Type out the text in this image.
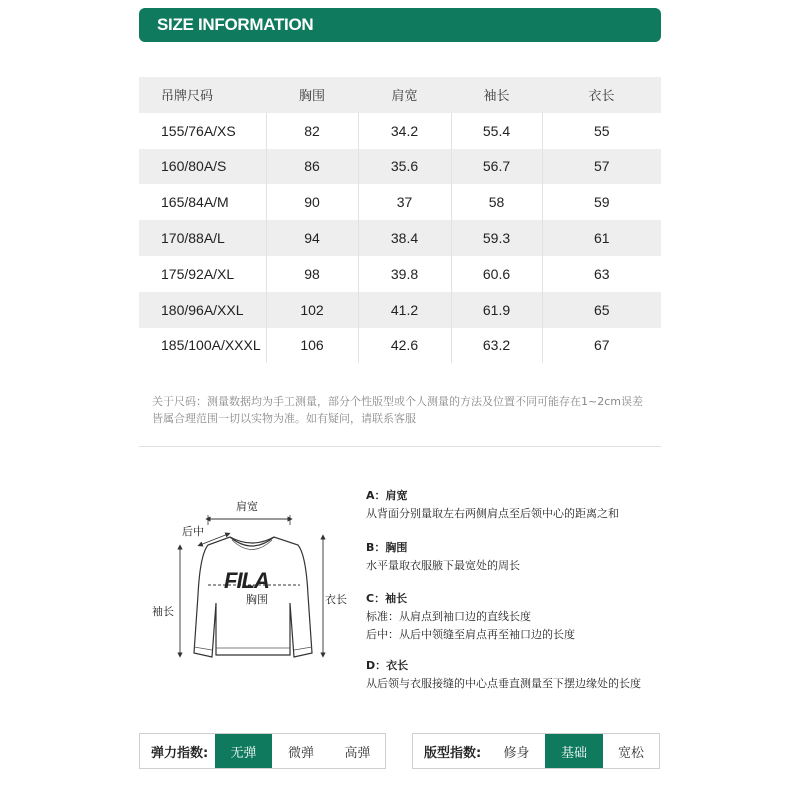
SIZE INFORMATION
吊牌尺码	胸围	肩宽	袖长	衣长
155/76A/XS	82	34.2	55.4	55
160/80A/S	86	35.6	56.7	57
165/84A/M	90	37	58	59
170/88A/L	94	38.4	59.3	61
175/92A/XL	98	39.8	60.6	63
180/96A/XXL	102	41.2	61.9	65
185/100A/XXXL	106	42.6	63.2	67
关于尺码：测量数据均为手工测量，部分个性版型或个人测量的方法及位置不同可能存在1~2cm误差
皆属合理范围一切以实物为准。如有疑问，请联系客服
肩宽
后中
FILA
胸围
袖长
衣长
A：肩宽
从背面分别量取左右两侧肩点至后领中心的距离之和
B：胸围
水平量取衣服腋下最宽处的周长
C：袖长
标准：从肩点到袖口边的直线长度
后中：从后中领缝至肩点再至袖口边的长度
D：衣长
从后领与衣服接缝的中心点垂直测量至下摆边缘处的长度
弹力指数:	无弹	微弹	高弹	版型指数:	修身	基础	宽松
